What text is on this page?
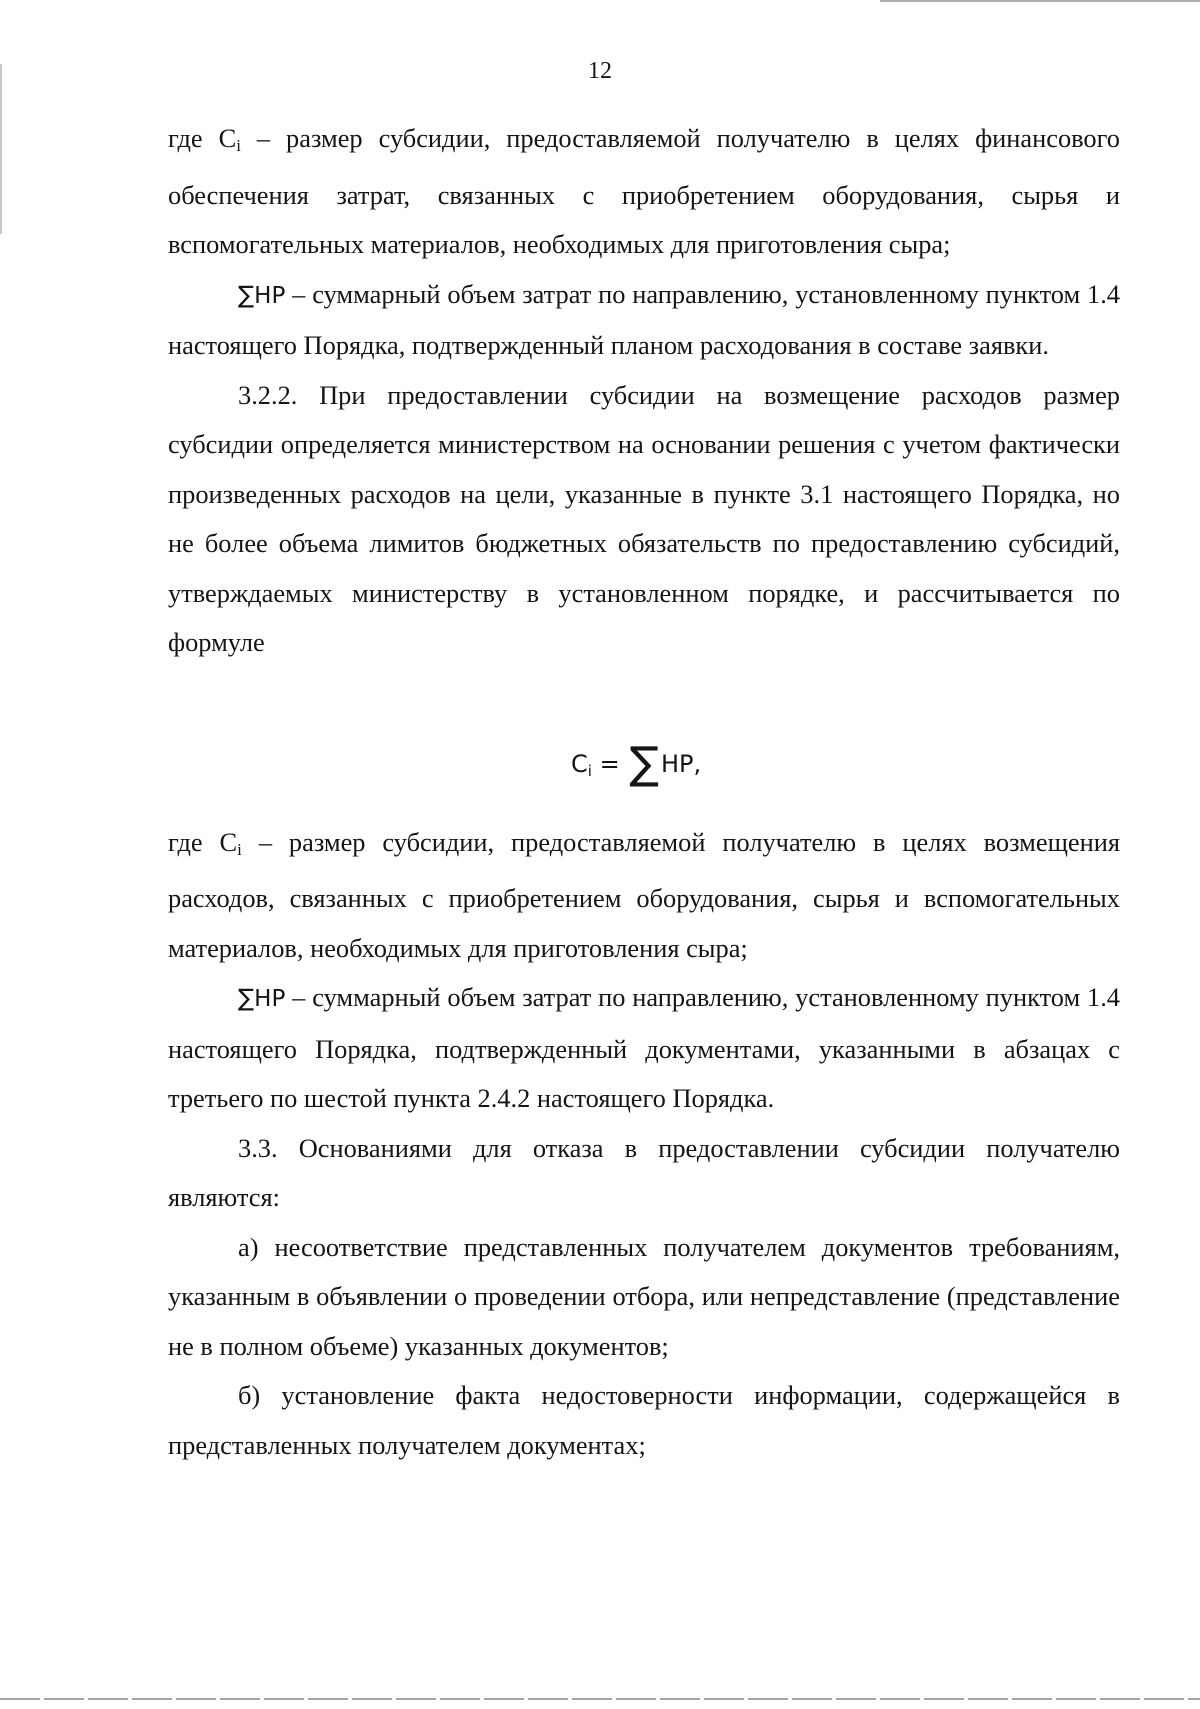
12

где Ci – размер субсидии, предоставляемой получателю в целях финансового обеспечения затрат, связанных с приобретением оборудования, сырья и вспомогательных материалов, необходимых для приготовления сыра;

∑НР – суммарный объем затрат по направлению, установленному пунктом 1.4 настоящего Порядка, подтвержденный планом расходования в составе заявки.

3.2.2. При предоставлении субсидии на возмещение расходов размер субсидии определяется министерством на основании решения с учетом фактически произведенных расходов на цели, указанные в пункте 3.1 настоящего Порядка, но не более объема лимитов бюджетных обязательств по предоставлению субсидий, утверждаемых министерству в установленном порядке, и рассчитывается по формуле

$C_i = \sum НР$,

где Ci – размер субсидии, предоставляемой получателю в целях возмещения расходов, связанных с приобретением оборудования, сырья и вспомогательных материалов, необходимых для приготовления сыра;

∑НР – суммарный объем затрат по направлению, установленному пунктом 1.4 настоящего Порядка, подтвержденный документами, указанными в абзацах с третьего по шестой пункта 2.4.2 настоящего Порядка.

3.3. Основаниями для отказа в предоставлении субсидии получателю являются:

а) несоответствие представленных получателем документов требованиям, указанным в объявлении о проведении отбора, или непредставление (представление не в полном объеме) указанных документов;

б) установление факта недостоверности информации, содержащейся в представленных получателем документах;
